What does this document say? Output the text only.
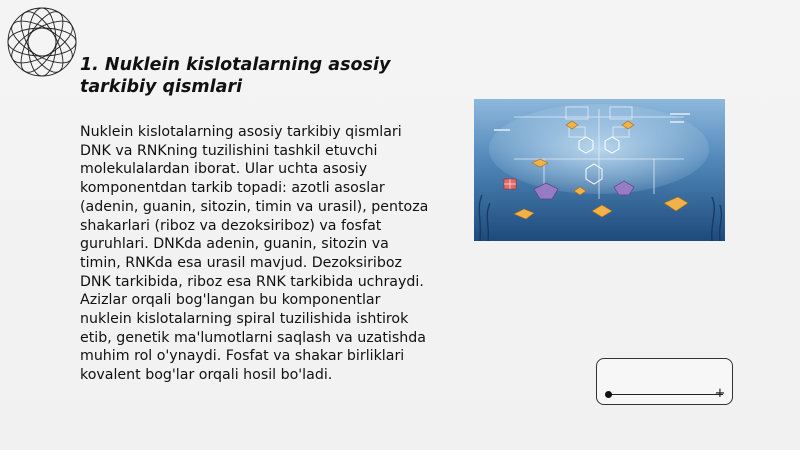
1. Nuklein kislotalarning asosiy tarkibiy qismlari
Nuklein kislotalarning asosiy tarkibiy qismlari DNK va RNKning tuzilishini tashkil etuvchi molekulalardan iborat. Ular uchta asosiy komponentdan tarkib topadi: azotli asoslar (adenin, guanin, sitozin, timin va urasil), pentoza shakarlari (riboz va dezoksiriboz) va fosfat guruhlari. DNKda adenin, guanin, sitozin va timin, RNKda esa urasil mavjud. Dezoksiriboz DNK tarkibida, riboz esa RNK tarkibida uchraydi. Azizlar orqali bog'langan bu komponentlar nuklein kislotalarning spiral tuzilishida ishtirok etib, genetik ma'lumotlarni saqlash va uzatishda muhim rol o'ynaydi. Fosfat va shakar birliklari kovalent bog'lar orqali hosil bo'ladi.
+
